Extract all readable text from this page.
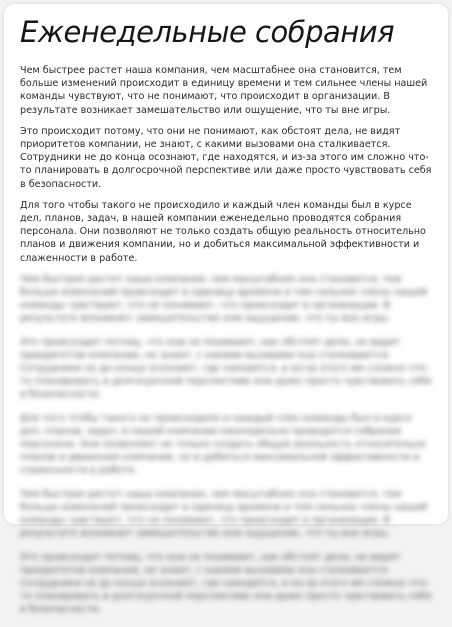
Еженедельные собрания

Чем быстрее растет наша компания, чем масштабнее она становится, тем больше изменений происходит в единицу времени и тем сильнее члены нашей команды чувствуют, что не понимают, что происходит в организации. В результате возникает замешательство или ощущение, что ты вне игры.

Это происходит потому, что они не понимают, как обстоят дела, не видят приоритетов компании, не знают, с какими вызовами она сталкивается. Сотрудники не до конца осознают, где находятся, и из-за этого им сложно что-то планировать в долгосрочной перспективе или даже просто чувствовать себя в безопасности.

Для того чтобы такого не происходило и каждый член команды был в курсе дел, планов, задач, в нашей компании еженедельно проводятся собрания персонала. Они позволяют не только создать общую реальность относительно планов и движения компании, но и добиться максимальной эффективности и слаженности в работе.

Чем быстрее растет наша компания, чем масштабнее она становится, тем больше изменений происходит в единицу времени и тем сильнее члены нашей команды чувствуют, что не понимают, что происходит в организации. В результате возникает замешательство или ощущение, что ты вне игры.

Это происходит потому, что они не понимают, как обстоят дела, не видят приоритетов компании, не знают, с какими вызовами она сталкивается. Сотрудники не до конца осознают, где находятся, и из-за этого им сложно что-то планировать в долгосрочной перспективе или даже просто чувствовать себя в безопасности.

Для того чтобы такого не происходило и каждый член команды был в курсе дел, планов, задач, в нашей компании еженедельно проводятся собрания персонала. Они позволяют не только создать общую реальность относительно планов и движения компании, но и добиться максимальной эффективности и слаженности в работе.

Чем быстрее растет наша компания, чем масштабнее она становится, тем больше изменений происходит в единицу времени и тем сильнее члены нашей команды чувствуют, что не понимают, что происходит в организации. В результате возникает замешательство или ощущение, что ты вне игры.

Это происходит потому, что они не понимают, как обстоят дела, не видят приоритетов компании, не знают, с какими вызовами она сталкивается. Сотрудники не до конца осознают, где находятся, и из-за этого им сложно что-то планировать в долгосрочной перспективе или даже просто чувствовать себя в безопасности.
